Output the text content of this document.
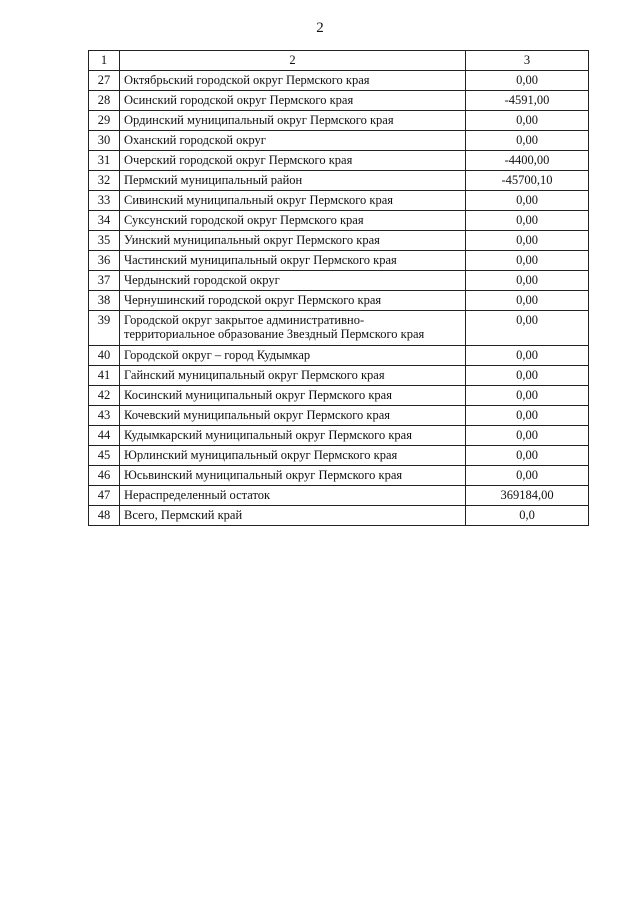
2
1	2	3
27	Октябрьский городской округ Пермского края	0,00
28	Осинский городской округ Пермского края	-4591,00
29	Ординский муниципальный округ Пермского края	0,00
30	Оханский городской округ	0,00
31	Очерский городской округ Пермского края	-4400,00
32	Пермский муниципальный район	-45700,10
33	Сивинский муниципальный округ Пермского края	0,00
34	Суксунский городской округ Пермского края	0,00
35	Уинский муниципальный округ Пермского края	0,00
36	Частинский муниципальный округ Пермского края	0,00
37	Чердынский городской округ	0,00
38	Чернушинский городской округ Пермского края	0,00
39	Городской округ закрытое административно-
территориальное образование Звездный Пермского края	0,00
40	Городской округ – город Кудымкар	0,00
41	Гайнский муниципальный округ Пермского края	0,00
42	Косинский муниципальный округ Пермского края	0,00
43	Кочевский муниципальный округ Пермского края	0,00
44	Кудымкарский муниципальный округ Пермского края	0,00
45	Юрлинский муниципальный округ Пермского края	0,00
46	Юсьвинский муниципальный округ Пермского края	0,00
47	Нераспределенный остаток	369184,00
48	Всего, Пермский край	0,0
